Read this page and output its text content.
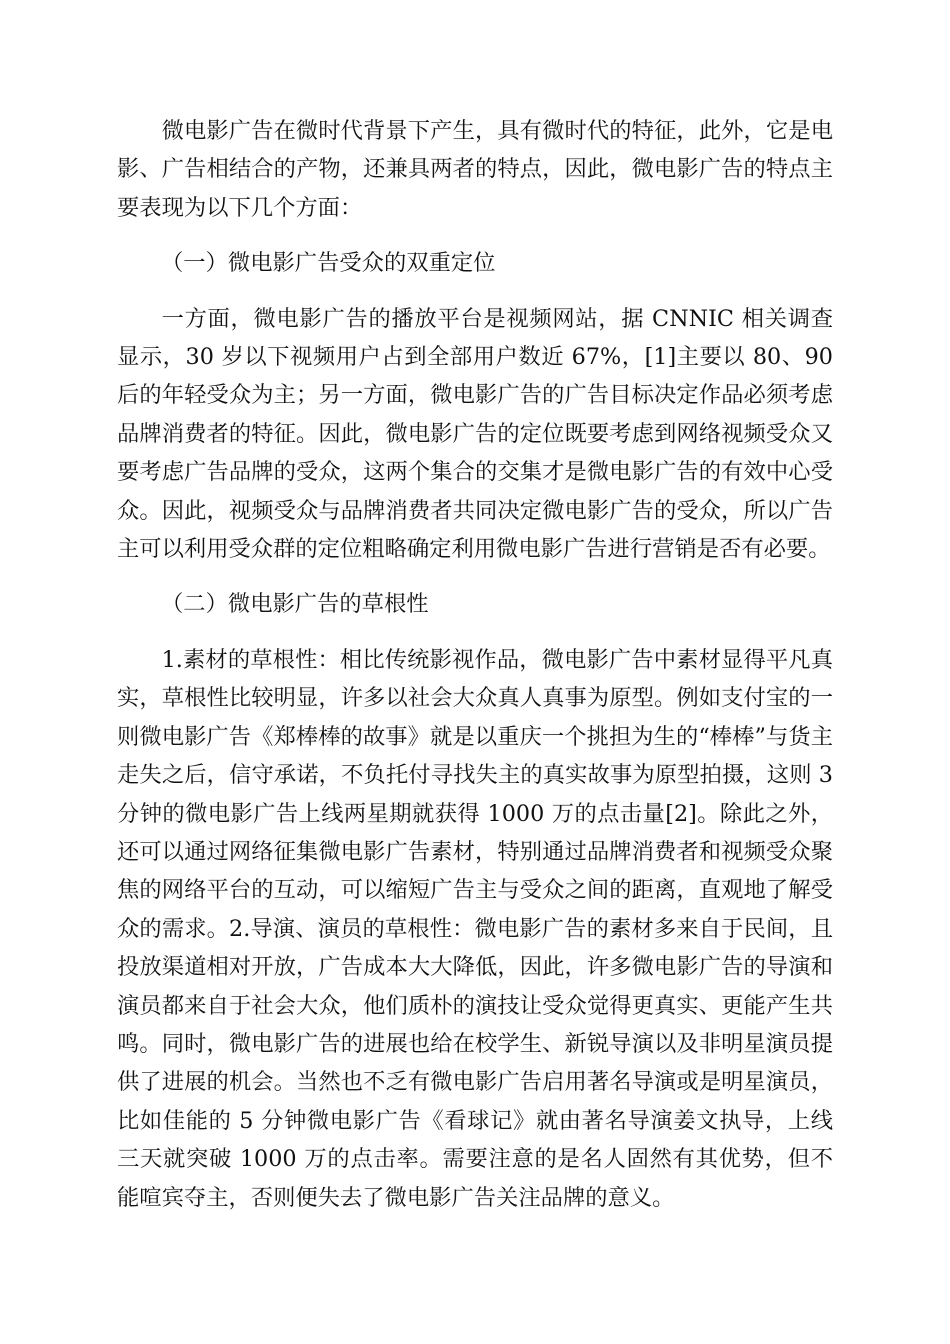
微电影广告在微时代背景下产生，具有微时代的特征，此外，它是电影、广告相结合的产物，还兼具两者的特点，因此，微电影广告的特点主要表现为以下几个方面：

（一）微电影广告受众的双重定位

一方面，微电影广告的播放平台是视频网站，据 CNNIC 相关调查显示，30 岁以下视频用户占到全部用户数近 67%，[1]主要以 80、90 后的年轻受众为主；另一方面，微电影广告的广告目标决定作品必须考虑品牌消费者的特征。因此，微电影广告的定位既要考虑到网络视频受众又要考虑广告品牌的受众，这两个集合的交集才是微电影广告的有效中心受众。因此，视频受众与品牌消费者共同决定微电影广告的受众，所以广告主可以利用受众群的定位粗略确定利用微电影广告进行营销是否有必要。

（二）微电影广告的草根性

1.素材的草根性：相比传统影视作品，微电影广告中素材显得平凡真实，草根性比较明显，许多以社会大众真人真事为原型。例如支付宝的一则微电影广告《郑棒棒的故事》就是以重庆一个挑担为生的“棒棒”与货主走失之后，信守承诺，不负托付寻找失主的真实故事为原型拍摄，这则 3 分钟的微电影广告上线两星期就获得 1000 万的点击量[2]。除此之外，还可以通过网络征集微电影广告素材，特别通过品牌消费者和视频受众聚焦的网络平台的互动，可以缩短广告主与受众之间的距离，直观地了解受众的需求。2.导演、演员的草根性：微电影广告的素材多来自于民间，且投放渠道相对开放，广告成本大大降低，因此，许多微电影广告的导演和演员都来自于社会大众，他们质朴的演技让受众觉得更真实、更能产生共鸣。同时，微电影广告的进展也给在校学生、新锐导演以及非明星演员提供了进展的机会。当然也不乏有微电影广告启用著名导演或是明星演员，比如佳能的 5 分钟微电影广告《看球记》就由著名导演姜文执导，上线三天就突破 1000 万的点击率。需要注意的是名人固然有其优势，但不能喧宾夺主，否则便失去了微电影广告关注品牌的意义。
